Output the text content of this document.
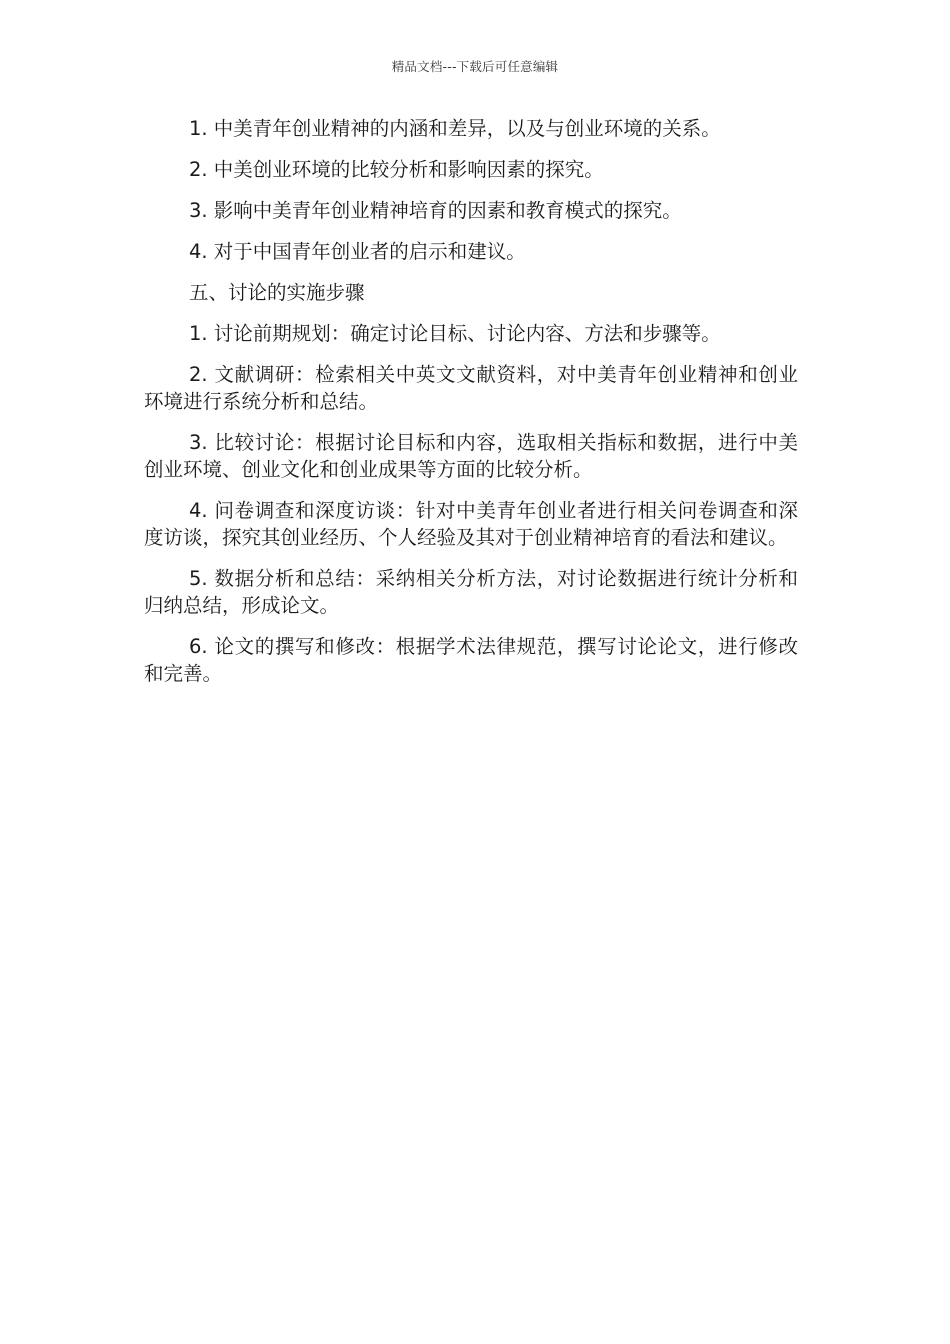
精品文档---下载后可任意编辑

1. 中美青年创业精神的内涵和差异，以及与创业环境的关系。

2. 中美创业环境的比较分析和影响因素的探究。

3. 影响中美青年创业精神培育的因素和教育模式的探究。

4. 对于中国青年创业者的启示和建议。

五、讨论的实施步骤

1. 讨论前期规划：确定讨论目标、讨论内容、方法和步骤等。

2. 文献调研：检索相关中英文文献资料，对中美青年创业精神和创业环境进行系统分析和总结。

3. 比较讨论：根据讨论目标和内容，选取相关指标和数据，进行中美创业环境、创业文化和创业成果等方面的比较分析。

4. 问卷调查和深度访谈：针对中美青年创业者进行相关问卷调查和深度访谈，探究其创业经历、个人经验及其对于创业精神培育的看法和建议。

5. 数据分析和总结：采纳相关分析方法，对讨论数据进行统计分析和归纳总结，形成论文。

6. 论文的撰写和修改：根据学术法律规范，撰写讨论论文，进行修改和完善。
